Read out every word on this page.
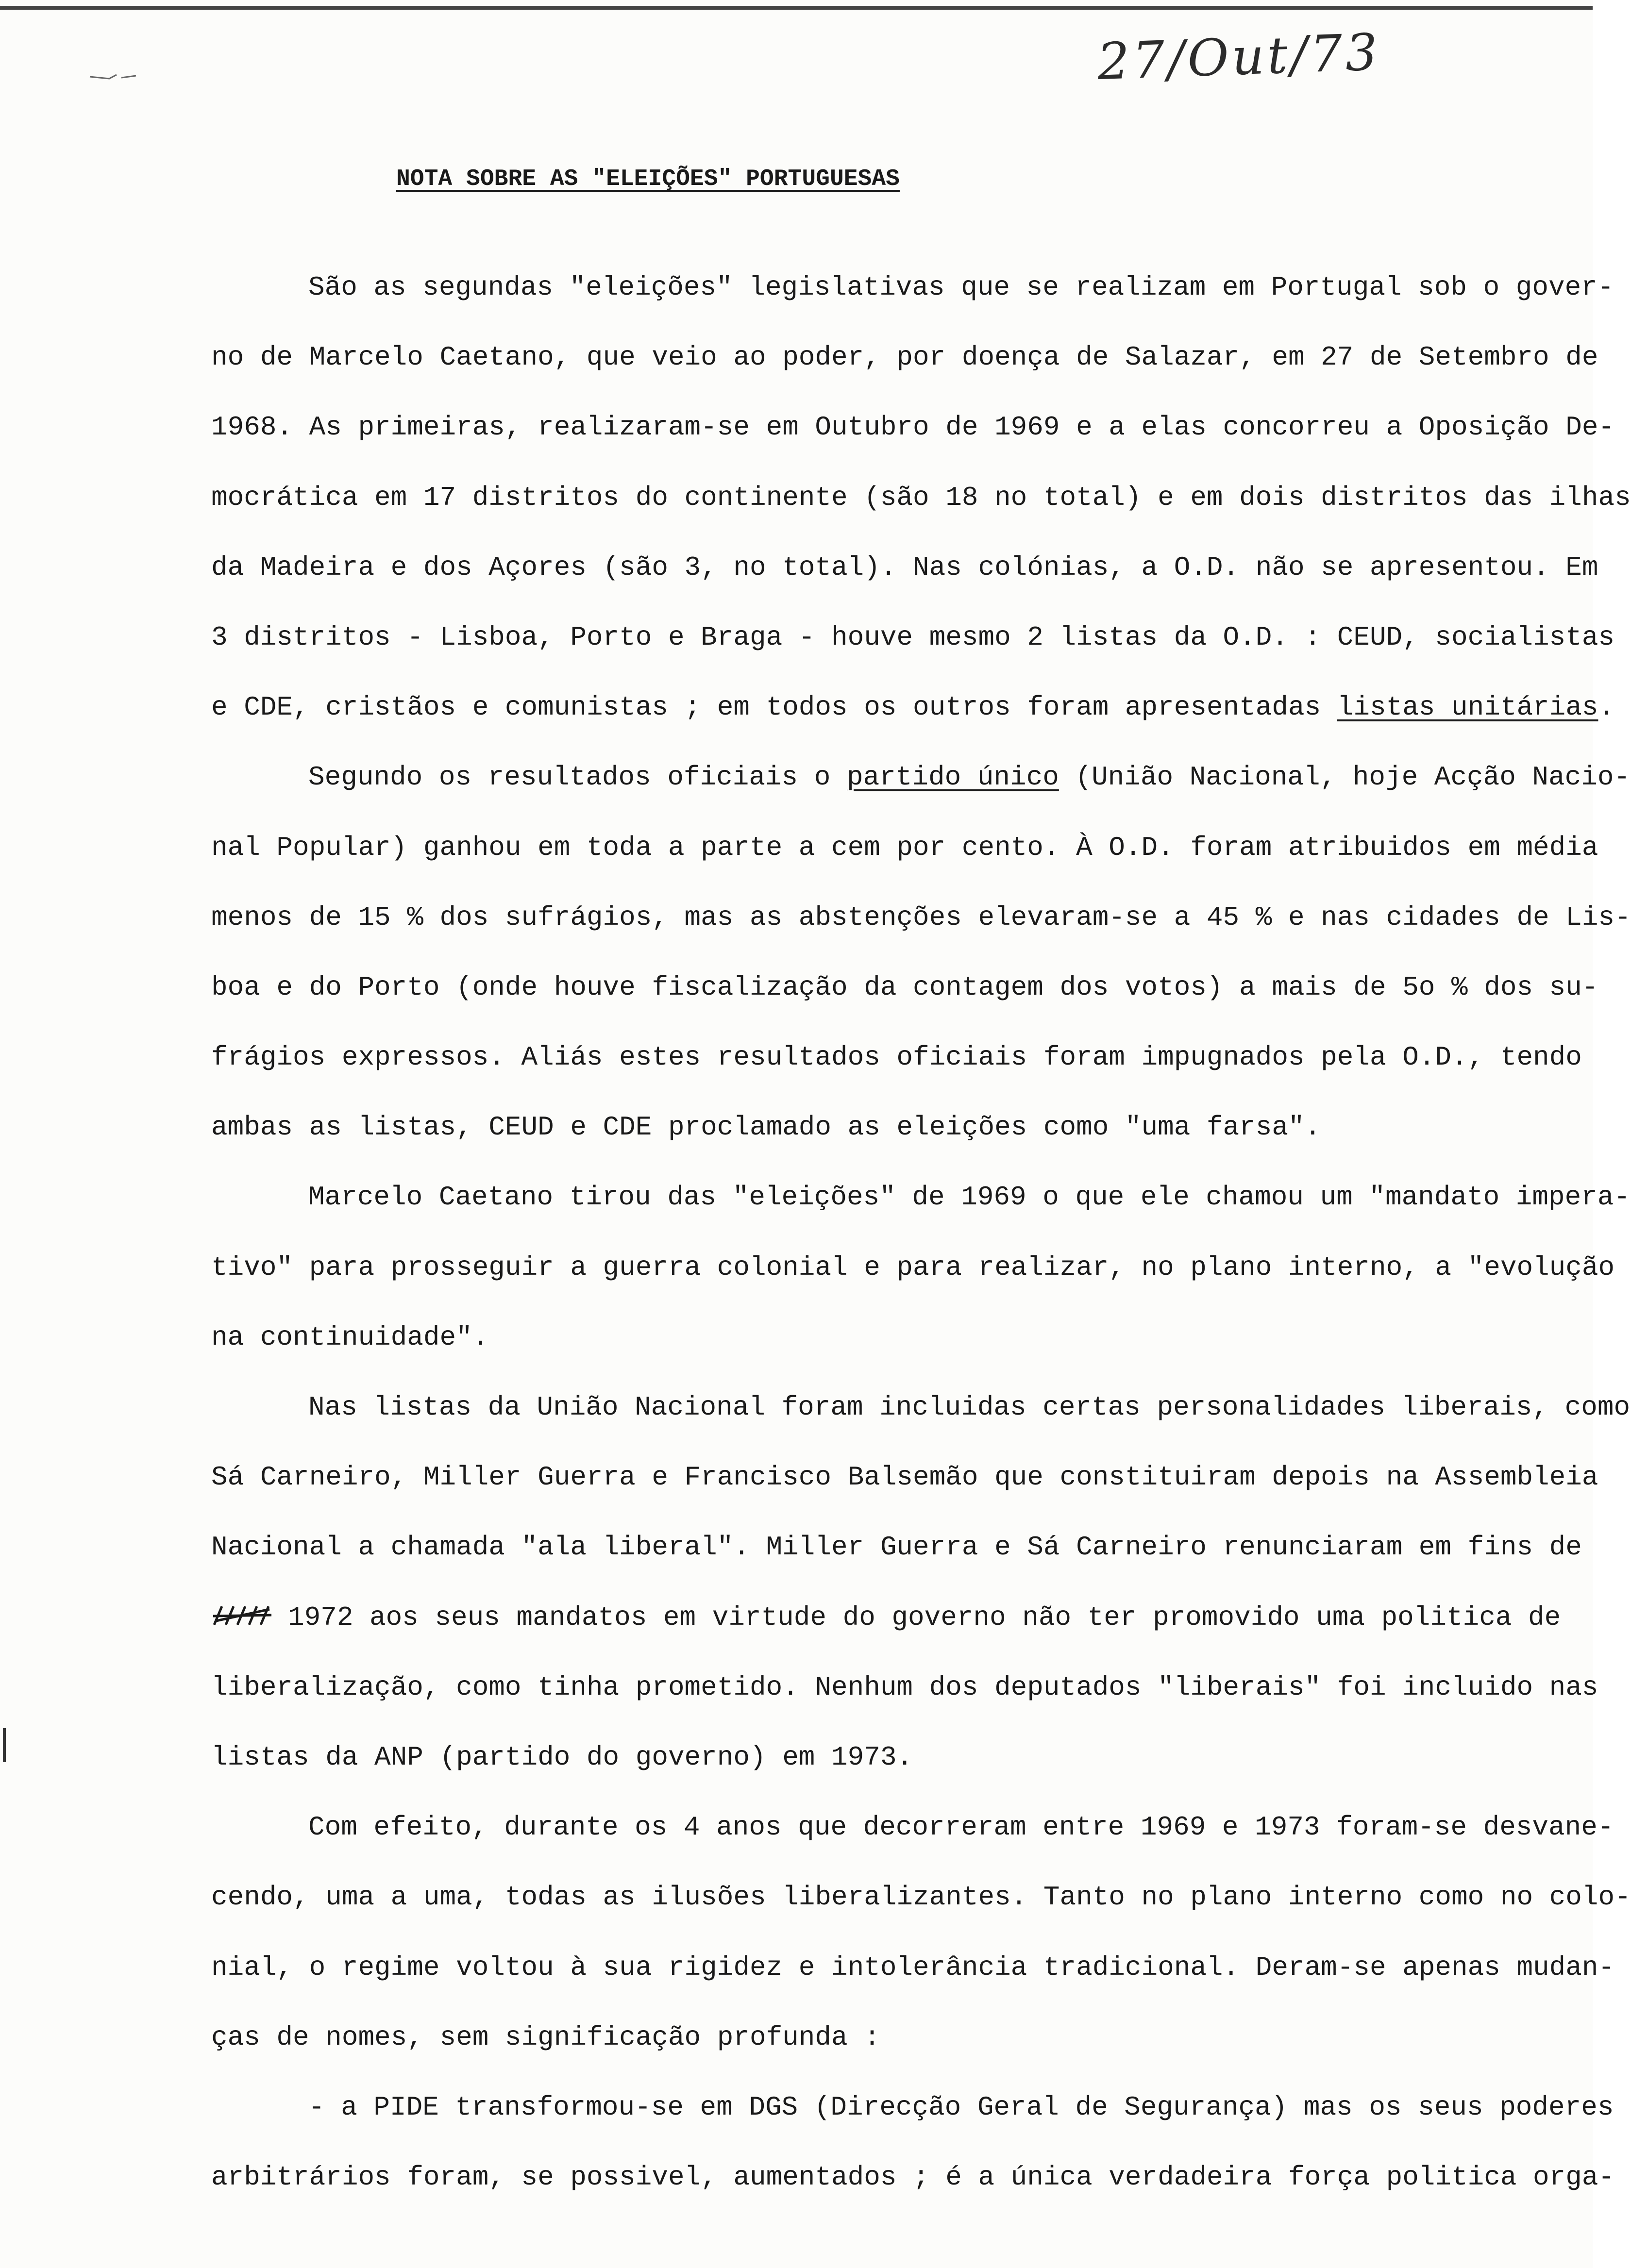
27/Out/73
NOTA SOBRE AS "ELEIÇÕES" PORTUGUESAS
São as segundas "eleições" legislativas que se realizam em Portugal sob o gover-
no de Marcelo Caetano, que veio ao poder, por doença de Salazar, em 27 de Setembro de
1968. As primeiras, realizaram-se em Outubro de 1969 e a elas concorreu a Oposição De-
mocrática em 17 distritos do continente (são 18 no total) e em dois distritos das ilhas
da Madeira e dos Açores (são 3, no total). Nas colónias, a O.D. não se apresentou. Em
3 distritos - Lisboa, Porto e Braga - houve mesmo 2 listas da O.D. : CEUD, socialistas
e CDE, cristãos e comunistas ; em todos os outros foram apresentadas listas unitárias.
Segundo os resultados oficiais o partido único (União Nacional, hoje Acção Nacio-
nal Popular) ganhou em toda a parte a cem por cento. À O.D. foram atribuidos em média
menos de 15 % dos sufrágios, mas as abstenções elevaram-se a 45 % e nas cidades de Lis-
boa e do Porto (onde houve fiscalização da contagem dos votos) a mais de 5o % dos su-
frágios expressos. Aliás estes resultados oficiais foram impugnados pela O.D., tendo
ambas as listas, CEUD e CDE proclamado as eleições como "uma farsa".
Marcelo Caetano tirou das "eleições" de 1969 o que ele chamou um "mandato impera-
tivo" para prosseguir a guerra colonial e para realizar, no plano interno, a "evolução
na continuidade".
Nas listas da União Nacional foram incluidas certas personalidades liberais, como
Sá Carneiro, Miller Guerra e Francisco Balsemão que constituiram depois na Assembleia
Nacional a chamada "ala liberal". Miller Guerra e Sá Carneiro renunciaram em fins de
1972 aos seus mandatos em virtude do governo não ter promovido uma politica de
liberalização, como tinha prometido. Nenhum dos deputados "liberais" foi incluido nas
listas da ANP (partido do governo) em 1973.
Com efeito, durante os 4 anos que decorreram entre 1969 e 1973 foram-se desvane-
cendo, uma a uma, todas as ilusões liberalizantes. Tanto no plano interno como no colo-
nial, o regime voltou à sua rigidez e intolerância tradicional. Deram-se apenas mudan-
ças de nomes, sem significação profunda :
- a PIDE transformou-se em DGS (Direcção Geral de Segurança) mas os seus poderes
arbitrários foram, se possivel, aumentados ; é a única verdadeira força politica orga-
